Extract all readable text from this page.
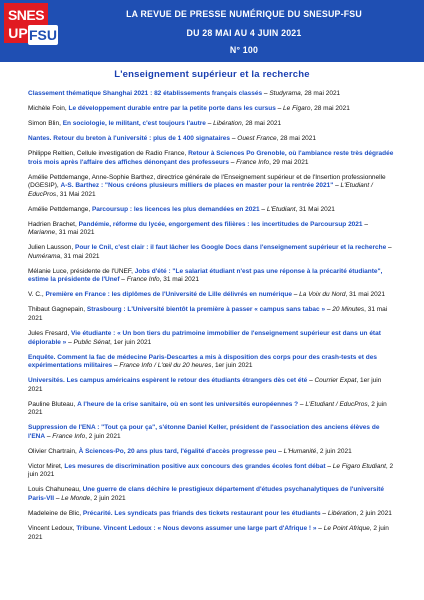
SNES
UP FSU
LA REVUE DE PRESSE NUMÉRIQUE DU SNESUP-FSU
DU 28 MAI AU 4 JUIN 2021
N° 100
L'enseignement supérieur et la recherche
Classement thématique Shanghai 2021 : 82 établissements français classés – Studyrama, 28 mai 2021
Michèle Foin, Le développement durable entre par la petite porte dans les cursus – Le Figaro, 28 mai 2021
Simon Blin, En sociologie, le militant, c'est toujours l'autre – Libération, 28 mai 2021
Nantes. Retour du breton à l'université : plus de 1 400 signataires – Ouest France, 28 mai 2021
Philippe Reltien, Cellule investigation de Radio France, Retour à Sciences Po Grenoble, où l'ambiance reste très dégradée trois mois après l'affaire des affiches dénonçant des professeurs – France Info, 29 mai 2021
Amélie Pettdemange, Anne-Sophie Barthez, directrice générale de l'Enseignement supérieur et de l'Insertion professionnelle (DGESIP), A-S. Barthez : "Nous créons plusieurs milliers de places en master pour la rentrée 2021" – L'Etudiant / EducPros, 31 Mai 2021
Amélie Pettdemange, Parcoursup : les licences les plus demandées en 2021 – L'Etudiant, 31 Mai 2021
Hadrien Brachet, Pandémie, réforme du lycée, engorgement des filières : les incertitudes de Parcoursup 2021 – Marianne, 31 mai 2021
Julien Lausson, Pour le Cnil, c'est clair : il faut lâcher les Google Docs dans l'enseignement supérieur et la recherche – Numérama, 31 mai 2021
Mélanie Luce, présidente de l'UNEF, Jobs d'été : "Le salariat étudiant n'est pas une réponse à la précarité étudiante", estime la présidente de l'Unef – France Info, 31 mai 2021
V. C., Première en France : les diplômes de l'Université de Lille délivrés en numérique – La Voix du Nord, 31 mai 2021
Thibaut Gagnepain, Strasbourg : L'Université bientôt la première à passer « campus sans tabac » – 20 Minutes, 31 mai 2021
Jules Fresard, Vie étudiante : « Un bon tiers du patrimoine immobilier de l'enseignement supérieur est dans un état déplorable » – Public Sénat, 1er juin 2021
Enquête. Comment la fac de médecine Paris-Descartes a mis à disposition des corps pour des crash-tests et des expérimentations militaires – France Info / L'œil du 20 heures, 1er juin 2021
Universités. Les campus américains espèrent le retour des étudiants étrangers dès cet été – Courrier Expat, 1er juin 2021
Pauline Bluteau, A l'heure de la crise sanitaire, où en sont les universités européennes ? – L'Etudiant / EducPros, 2 juin 2021
Suppression de l'ENA : "Tout ça pour ça", s'étonne Daniel Keller, président de l'association des anciens élèves de l'ENA – France Info, 2 juin 2021
Olivier Chartrain, À Sciences-Po, 20 ans plus tard, l'égalité d'accès progresse peu – L'Humanité, 2 juin 2021
Victor Miret, Les mesures de discrimination positive aux concours des grandes écoles font débat – Le Figaro Etudiant, 2 juin 2021
Louis Chahuneau, Une guerre de clans déchire le prestigieux département d'études psychanalytiques de l'université Paris-VII – Le Monde, 2 juin 2021
Madeleine de Blic, Précarité. Les syndicats pas friands des tickets restaurant pour les étudiants – Libération, 2 juin 2021
Vincent Ledoux, Tribune. Vincent Ledoux : « Nous devons assumer une large part d'Afrique ! » – Le Point Afrique, 2 juin 2021
